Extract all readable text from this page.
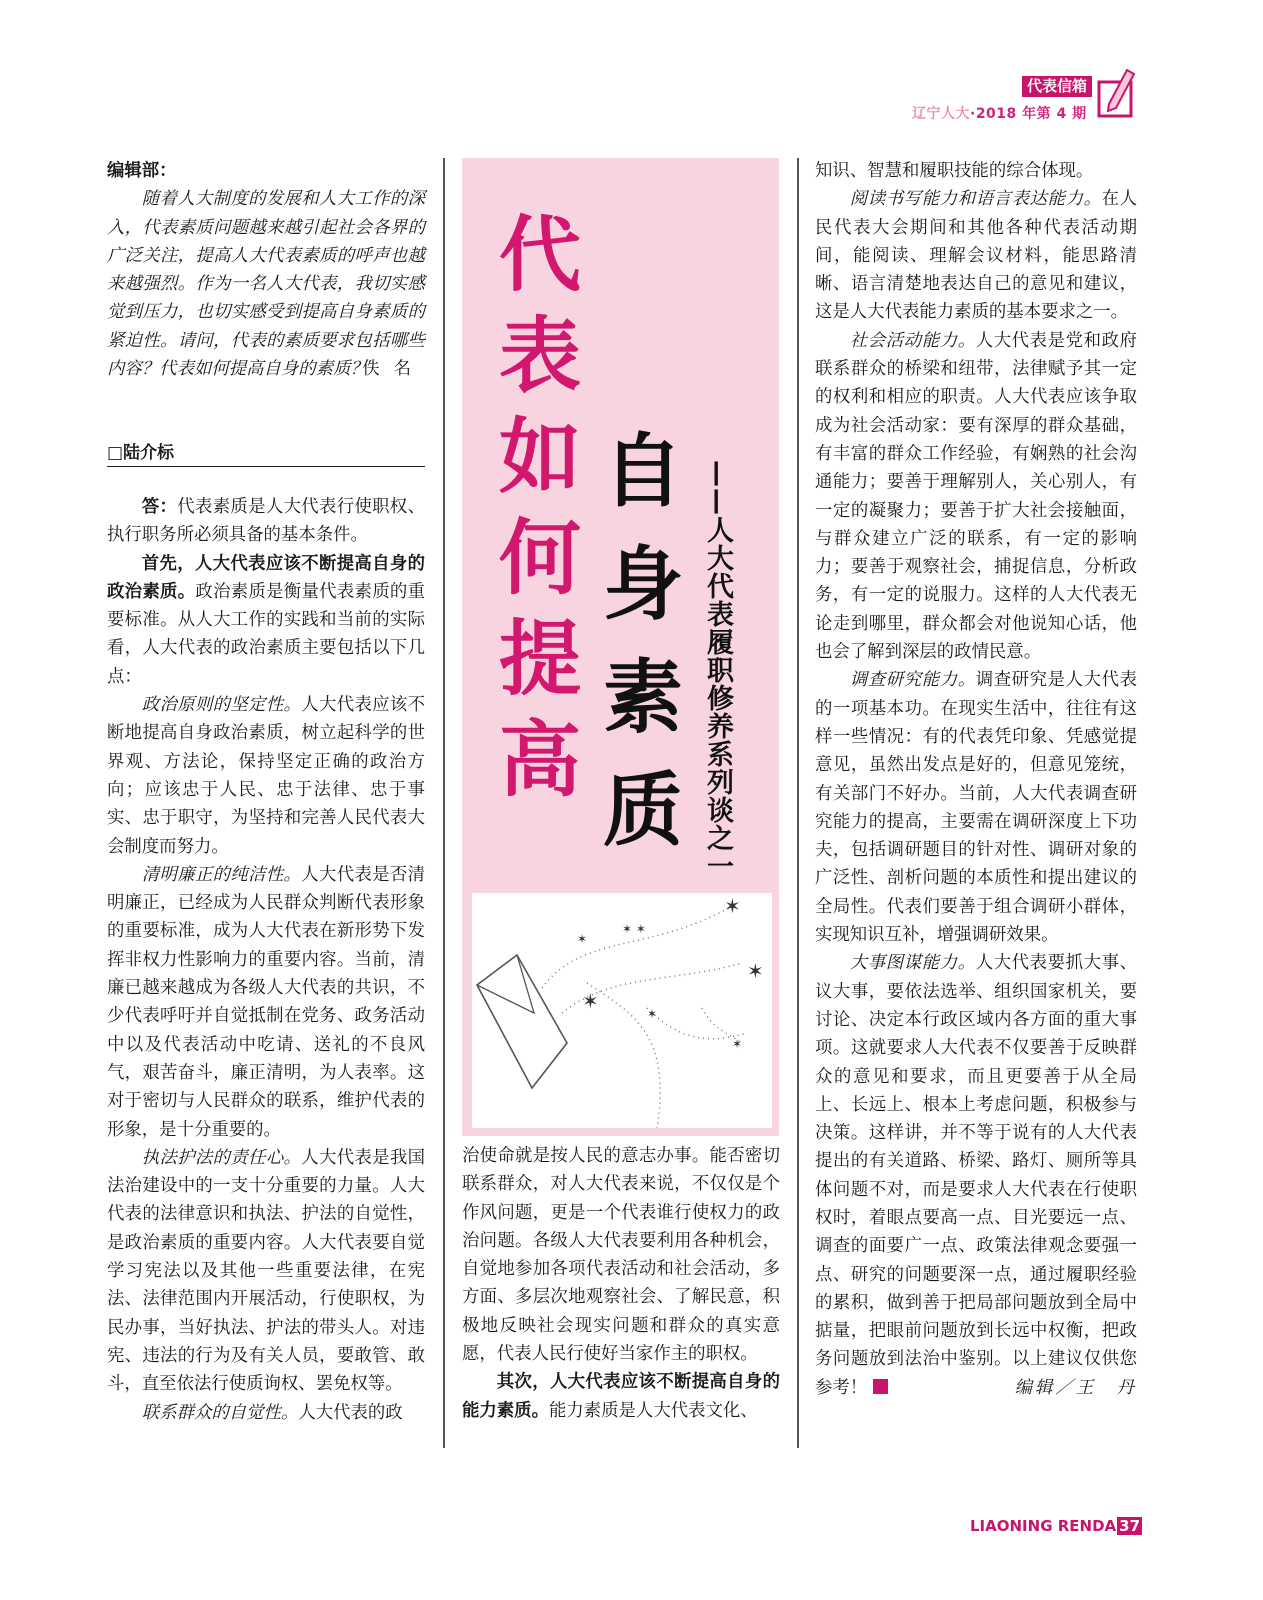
代表信箱
辽宁人大·2018 年第 4 期
编辑部：

随着人大制度的发展和人大工作的深入，代表素质问题越来越引起社会各界的广泛关注，提高人大代表素质的呼声也越来越强烈。作为一名人大代表，我切实感觉到压力，也切实感受到提高自身素质的紧迫性。请问，代表的素质要求包括哪些内容？代表如何提高自身的素质？

佚名
□陆介标
代表如何提高
自身素质 ——人大代表履职修养系列谈之一
✶
✶
✶
✶ ✶
✶
✶
✶

答：代表素质是人大代表行使职权、执行职务所必须具备的基本条件。

首先，人大代表应该不断提高自身的政治素质。政治素质是衡量代表素质的重要标准。从人大工作的实践和当前的实际看，人大代表的政治素质主要包括以下几点：

政治原则的坚定性。人大代表应该不断地提高自身政治素质，树立起科学的世界观、方法论，保持坚定正确的政治方向；应该忠于人民、忠于法律、忠于事实、忠于职守，为坚持和完善人民代表大会制度而努力。

清明廉正的纯洁性。人大代表是否清明廉正，已经成为人民群众判断代表形象的重要标准，成为人大代表在新形势下发挥非权力性影响力的重要内容。当前，清廉已越来越成为各级人大代表的共识，不少代表呼吁并自觉抵制在党务、政务活动中以及代表活动中吃请、送礼的不良风气，艰苦奋斗，廉正清明，为人表率。这对于密切与人民群众的联系，维护代表的形象，是十分重要的。

执法护法的责任心。人大代表是我国法治建设中的一支十分重要的力量。人大代表的法律意识和执法、护法的自觉性，是政治素质的重要内容。人大代表要自觉学习宪法以及其他一些重要法律，在宪法、法律范围内开展活动，行使职权，为民办事，当好执法、护法的带头人。对违宪、违法的行为及有关人员，要敢管、敢斗，直至依法行使质询权、罢免权等。

联系群众的自觉性。人大代表的政

治使命就是按人民的意志办事。能否密切联系群众，对人大代表来说，不仅仅是个作风问题，更是一个代表谁行使权力的政治问题。各级人大代表要利用各种机会，自觉地参加各项代表活动和社会活动，多方面、多层次地观察社会、了解民意，积极地反映社会现实问题和群众的真实意愿，代表人民行使好当家作主的职权。

其次，人大代表应该不断提高自身的能力素质。能力素质是人大代表文化、

知识、智慧和履职技能的综合体现。

阅读书写能力和语言表达能力。在人民代表大会期间和其他各种代表活动期间，能阅读、理解会议材料，能思路清晰、语言清楚地表达自己的意见和建议，这是人大代表能力素质的基本要求之一。

社会活动能力。人大代表是党和政府联系群众的桥梁和纽带，法律赋予其一定的权利和相应的职责。人大代表应该争取成为社会活动家：要有深厚的群众基础，有丰富的群众工作经验，有娴熟的社会沟通能力；要善于理解别人，关心别人，有一定的凝聚力；要善于扩大社会接触面，与群众建立广泛的联系，有一定的影响力；要善于观察社会，捕捉信息，分析政务，有一定的说服力。这样的人大代表无论走到哪里，群众都会对他说知心话，他也会了解到深层的政情民意。

调查研究能力。调查研究是人大代表的一项基本功。在现实生活中，往往有这样一些情况：有的代表凭印象、凭感觉提意见，虽然出发点是好的，但意见笼统，有关部门不好办。当前，人大代表调查研究能力的提高，主要需在调研深度上下功夫，包括调研题目的针对性、调研对象的广泛性、剖析问题的本质性和提出建议的全局性。代表们要善于组合调研小群体，实现知识互补，增强调研效果。

大事图谋能力。人大代表要抓大事、议大事，要依法选举、组织国家机关，要讨论、决定本行政区域内各方面的重大事项。这就要求人大代表不仅要善于反映群众的意见和要求，而且更要善于从全局上、长远上、根本上考虑问题，积极参与决策。这样讲，并不等于说有的人大代表提出的有关道路、桥梁、路灯、厕所等具体问题不对，而是要求人大代表在行使职权时，着眼点要高一点、目光要远一点、调查的面要广一点、政策法律观念要强一点、研究的问题要深一点，通过履职经验的累积，做到善于把局部问题放到全局中掂量，把眼前问题放到长远中权衡，把政务问题放到法治中鉴别。以上建议仅供您参考！	编辑／王　丹

LIAONING RENDA 37
